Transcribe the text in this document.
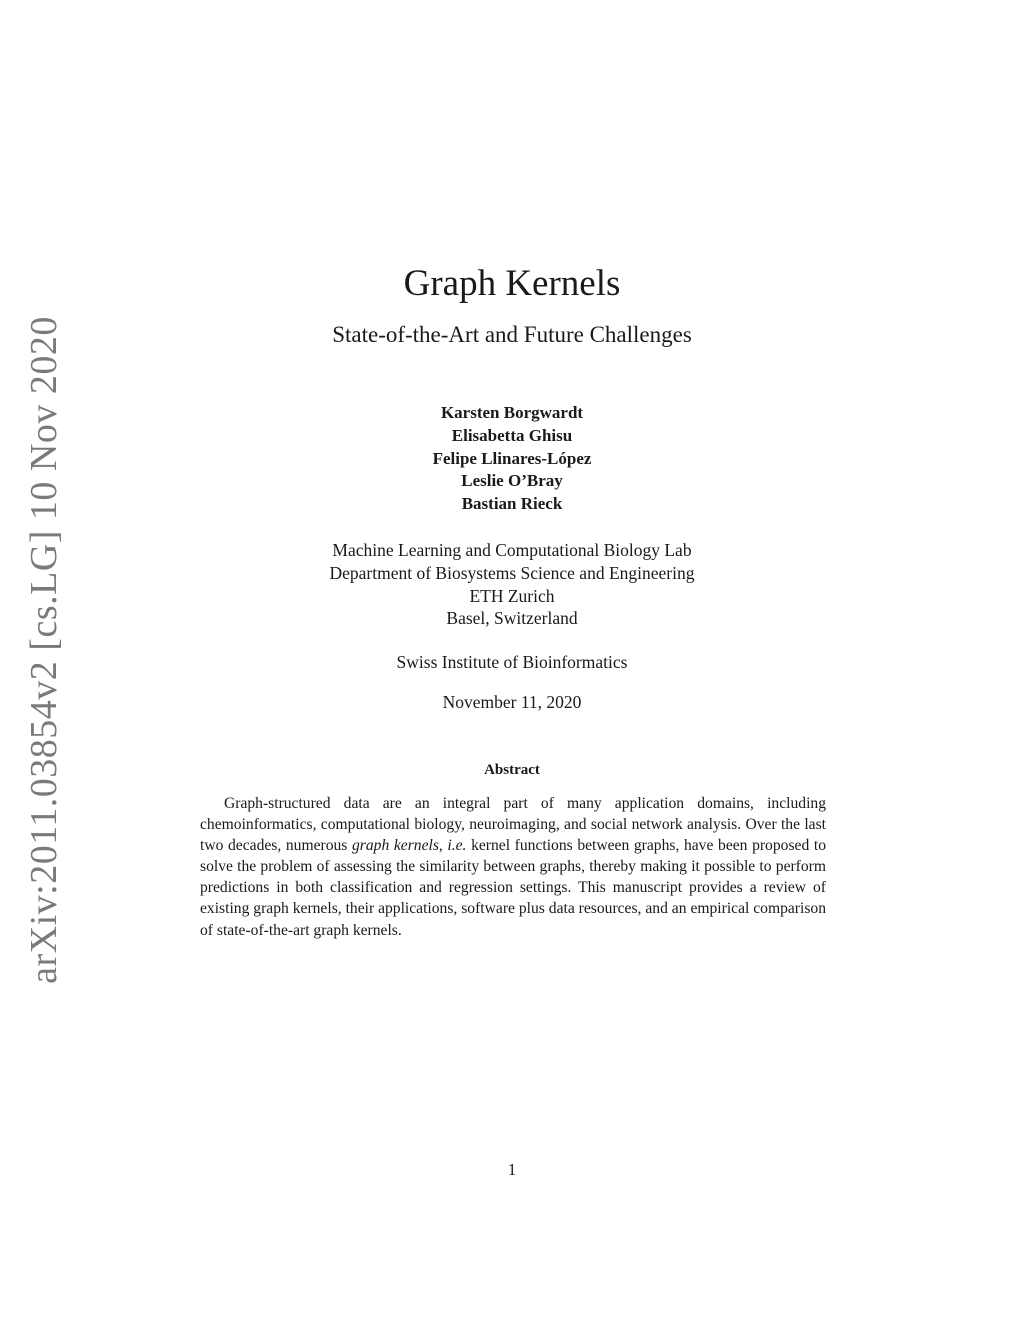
arXiv:2011.03854v2 [cs.LG] 10 Nov 2020
Graph Kernels
State-of-the-Art and Future Challenges
Karsten Borgwardt
Elisabetta Ghisu
Felipe Llinares-López
Leslie O’Bray
Bastian Rieck
Machine Learning and Computational Biology Lab
Department of Biosystems Science and Engineering
ETH Zurich
Basel, Switzerland
Swiss Institute of Bioinformatics
November 11, 2020
Abstract

Graph-structured data are an integral part of many application domains, including chemoinformatics, computational biology, neuroimaging, and social network analysis. Over the last two decades, numerous graph kernels, i.e. kernel functions between graphs, have been proposed to solve the problem of assessing the similarity between graphs, thereby making it possible to perform predictions in both classification and regression settings. This manuscript provides a review of existing graph kernels, their applications, software plus data resources, and an empirical comparison of state-of-the-art graph kernels.

1
